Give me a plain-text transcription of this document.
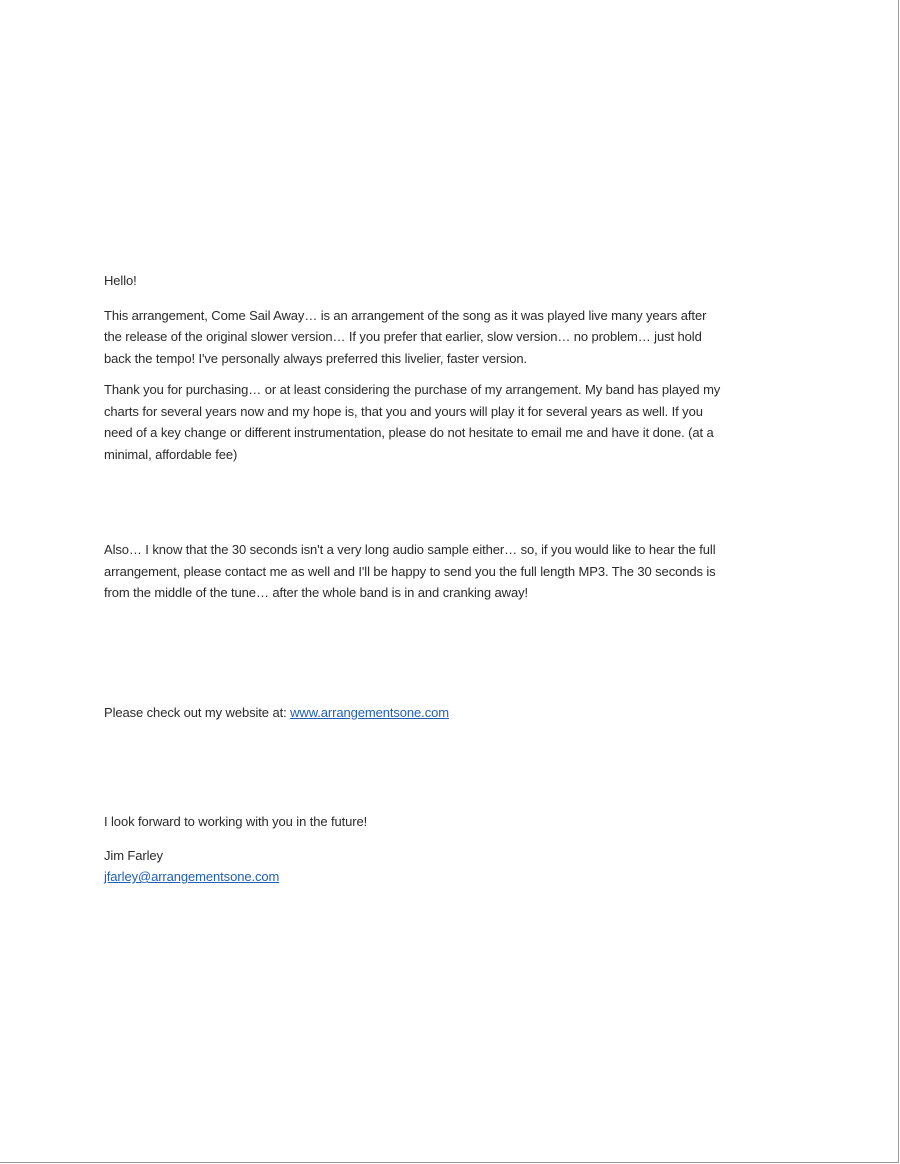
Hello!

This arrangement, Come Sail Away… is an arrangement of the song as it was played live many years after the release of the original slower version… If you prefer that earlier, slow version… no problem… just hold back the tempo! I've personally always preferred this livelier, faster version.

Thank you for purchasing… or at least considering the purchase of my arrangement. My band has played my charts for several years now and my hope is, that you and yours will play it for several years as well. If you need of a key change or different instrumentation, please do not hesitate to email me and have it done. (at a minimal, affordable fee)

Also… I know that the 30 seconds isn't a very long audio sample either… so, if you would like to hear the full arrangement, please contact me as well and I'll be happy to send you the full length MP3. The 30 seconds is from the middle of the tune… after the whole band is in and cranking away!

Please check out my website at: www.arrangementsone.com

I look forward to working with you in the future!

Jim Farley

jfarley@arrangementsone.com
